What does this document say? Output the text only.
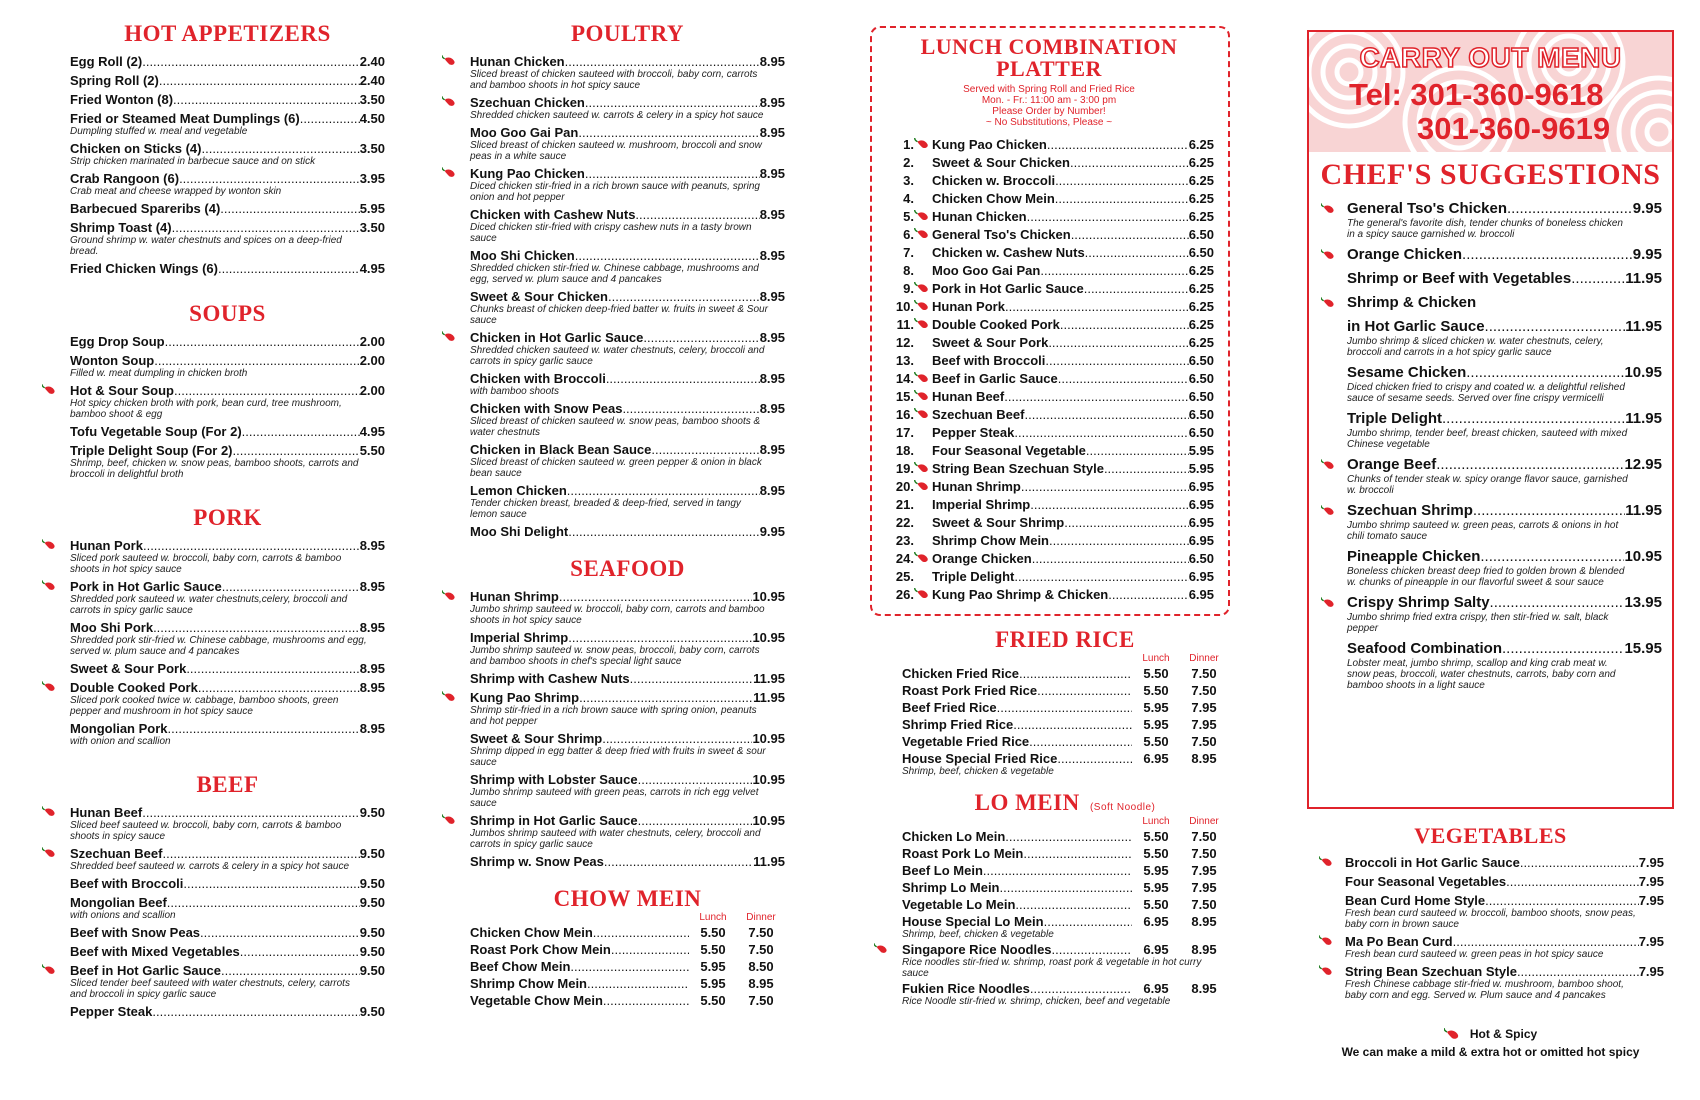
HOT APPETIZERS
Egg Roll (2) .....	2.40
Spring Roll (2) .....	2.40
Fried Wonton (8) .....	3.50
Fried or Steamed Meat Dumplings (6) .....	4.50
Dumpling stuffed w. meal and vegetable
Chicken on Sticks (4) .....	3.50
Strip chicken marinated in barbecue sauce and on stick
Crab Rangoon (6) .....	3.95
Crab meat and cheese wrapped by wonton skin
Barbecued Spareribs (4) .....	5.95
Shrimp Toast (4) .....	3.50
Ground shrimp w. water chestnuts and spices on a deep-fried bread.
Fried Chicken Wings (6) .....	4.95
SOUPS
Egg Drop Soup .....	2.00
Wonton Soup .....	2.00
Filled w. meat dumpling in chicken broth
Hot & Sour Soup .....	2.00
Hot spicy chicken broth with pork, bean curd, tree mushroom, bamboo shoot & egg
Tofu Vegetable Soup (For 2) .....	4.95
Triple Delight Soup (For 2) .....	5.50
Shrimp, beef, chicken w. snow peas, bamboo shoots, carrots and broccoli in delightful broth
PORK
Hunan Pork .....	8.95
Sliced pork sauteed w. broccoli, baby corn, carrots & bamboo shoots in hot spicy sauce
Pork in Hot Garlic Sauce .....	8.95
Shredded pork sauteed w. water chestnuts,celery, broccoli and carrots in spicy garlic sauce
Moo Shi Pork .....	8.95
Shredded pork stir-fried w. Chinese cabbage, mushrooms and egg, served w. plum sauce and 4 pancakes
Sweet & Sour Pork .....	8.95
Double Cooked Pork .....	8.95
Sliced pork cooked twice w. cabbage, bamboo shoots, green pepper and mushroom in hot spicy sauce
Mongolian Pork .....	8.95
with onion and scallion
BEEF
Hunan Beef .....	9.50
Sliced beef sauteed w. broccoli, baby corn, carrots & bamboo shoots in spicy sauce
Szechuan Beef .....	9.50
Shredded beef sauteed w. carrots & celery in a spicy hot sauce
Beef with Broccoli .....	9.50
Mongolian Beef .....	9.50
with onions and scallion
Beef with Snow Peas .....	9.50
Beef with Mixed Vegetables .....	9.50
Beef in Hot Garlic Sauce .....	9.50
Sliced tender beef sauteed with water chestnuts, celery, carrots and broccoli in spicy garlic sauce
Pepper Steak .....	9.50
POULTRY
Hunan Chicken .....	8.95
Sliced breast of chicken sauteed with broccoli, baby corn, carrots and bamboo shoots in hot spicy sauce
Szechuan Chicken .....	8.95
Shredded chicken sauteed w. carrots & celery in a spicy hot sauce
Moo Goo Gai Pan .....	8.95
Sliced breast of chicken sauteed w. mushroom, broccoli and snow peas in a white sauce
Kung Pao Chicken .....	8.95
Diced chicken stir-fried in a rich brown sauce with peanuts, spring onion and hot pepper
Chicken with Cashew Nuts .....	8.95
Diced chicken stir-fried with crispy cashew nuts in a tasty brown sauce
Moo Shi Chicken .....	8.95
Shredded chicken stir-fried w. Chinese cabbage, mushrooms and egg, served w. plum sauce and 4 pancakes
Sweet & Sour Chicken .....	8.95
Chunks breast of chicken deep-fried batter w. fruits in sweet & Sour sauce
Chicken in Hot Garlic Sauce .....	8.95
Shredded chicken sauteed w. water chestnuts, celery, broccoli and carrots in spicy garlic sauce
Chicken with Broccoli .....	8.95
with bamboo shoots
Chicken with Snow Peas .....	8.95
Sliced breast of chicken sauteed w. snow peas, bamboo shoots & water chestnuts
Chicken in Black Bean Sauce .....	8.95
Sliced breast of chicken sauteed w. green pepper & onion in black bean sauce
Lemon Chicken .....	8.95
Tender chicken breast, breaded & deep-fried, served in tangy lemon sauce
Moo Shi Delight .....	9.95
SEAFOOD
Hunan Shrimp .....	10.95
Jumbo shrimp sauteed w. broccoli, baby corn, carrots and bamboo shoots in hot spicy sauce
Imperial Shrimp .....	10.95
Jumbo shrimp sauteed w. snow peas, broccoli, baby corn, carrots and bamboo shoots in chef's special light sauce
Shrimp with Cashew Nuts .....	11.95
Kung Pao Shrimp .....	11.95
Shrimp stir-fried in a rich brown sauce with spring onion, peanuts and hot pepper
Sweet & Sour Shrimp .....	10.95
Shrimp dipped in egg batter & deep fried with fruits in sweet & sour sauce
Shrimp with Lobster Sauce .....	10.95
Jumbo shrimp sauteed with green peas, carrots in rich egg velvet sauce
Shrimp in Hot Garlic Sauce .....	10.95
Jumbos shrimp sauteed with water chestnuts, celery, broccoli and carrots in spicy garlic sauce
Shrimp w. Snow Peas .....	11.95
CHOW MEIN
Lunch	Dinner
Chicken Chow Mein .....	5.50	7.50
Roast Pork Chow Mein .....	5.50	7.50
Beef Chow Mein .....	5.95	8.50
Shrimp Chow Mein .....	5.95	8.95
Vegetable Chow Mein .....	5.50	7.50
LUNCH COMBINATION PLATTER
Served with Spring Roll and Fried Rice
Mon. - Fr.: 11:00 am - 3:00 pm
Please Order by Number!
~ No Substitutions, Please ~
1. Kung Pao Chicken .....	6.25
2. Sweet & Sour Chicken .....	6.25
3. Chicken w. Broccoli .....	6.25
4. Chicken Chow Mein .....	6.25
5. Hunan Chicken .....	6.25
6. General Tso's Chicken .....	6.50
7. Chicken w. Cashew Nuts .....	6.50
8. Moo Goo Gai Pan .....	6.25
9. Pork in Hot Garlic Sauce .....	6.25
10. Hunan Pork .....	6.25
11. Double Cooked Pork .....	6.25
12. Sweet & Sour Pork .....	6.25
13. Beef with Broccoli .....	6.50
14. Beef in Garlic Sauce .....	6.50
15. Hunan Beef .....	6.50
16. Szechuan Beef .....	6.50
17. Pepper Steak .....	6.50
18. Four Seasonal Vegetable .....	5.95
19. String Bean Szechuan Style .....	5.95
20. Hunan Shrimp .....	6.95
21. Imperial Shrimp .....	6.95
22. Sweet & Sour Shrimp .....	6.95
23. Shrimp Chow Mein .....	6.95
24. Orange Chicken .....	6.50
25. Triple Delight .....	6.95
26. Kung Pao Shrimp & Chicken .....	6.95
FRIED RICE
Lunch	Dinner
Chicken Fried Rice .....	5.50	7.50
Roast Pork Fried Rice .....	5.50	7.50
Beef Fried Rice .....	5.95	7.95
Shrimp Fried Rice .....	5.95	7.95
Vegetable Fried Rice .....	5.50	7.50
House Special Fried Rice .....	6.95	8.95
Shrimp, beef, chicken & vegetable
LO MEIN (Soft Noodle)
Lunch	Dinner
Chicken Lo Mein .....	5.50	7.50
Roast Pork Lo Mein .....	5.50	7.50
Beef Lo Mein .....	5.95	7.95
Shrimp Lo Mein .....	5.95	7.95
Vegetable Lo Mein .....	5.50	7.50
House Special Lo Mein .....	6.95	8.95
Shrimp, beef, chicken & vegetable
Singapore Rice Noodles .....	6.95	8.95
Rice noodles stir-fried w. shrimp, roast pork & vegetable in hot curry sauce
Fukien Rice Noodles .....	6.95	8.95
Rice Noodle stir-fried w. shrimp, chicken, beef and vegetable
CARRY OUT MENU
Tel: 301-360-9618
301-360-9619
CHEF'S SUGGESTIONS
General Tso's Chicken .....	9.95
The general's favorite dish, tender chunks of boneless chicken in a spicy sauce garnished w. broccoli
Orange Chicken .....	9.95
Shrimp or Beef with Vegetables .....	11.95
Shrimp & Chicken
in Hot Garlic Sauce .....	11.95
Jumbo shrimp & sliced chicken w. water chestnuts, celery, broccoli and carrots in a hot spicy garlic sauce
Sesame Chicken .....	10.95
Diced chicken fried to crispy and coated w. a delightful relished sauce of sesame seeds. Served over fine crispy vermicelli
Triple Delight .....	11.95
Jumbo shrimp, tender beef, breast chicken, sauteed with mixed Chinese vegetable
Orange Beef .....	12.95
Chunks of tender steak w. spicy orange flavor sauce, garnished w. broccoli
Szechuan Shrimp .....	11.95
Jumbo shrimp sauteed w. green peas, carrots & onions in hot chili tomato sauce
Pineapple Chicken .....	10.95
Boneless chicken breast deep fried to golden brown & blended w. chunks of pineapple in our flavorful sweet & sour sauce
Crispy Shrimp Salty .....	13.95
Jumbo shrimp fried extra crispy, then stir-fried w. salt, black pepper
Seafood Combination .....	15.95
Lobster meat, jumbo shrimp, scallop and king crab meat w. snow peas, broccoli, water chestnuts, carrots, baby corn and bamboo shoots in a light sauce
VEGETABLES
Broccoli in Hot Garlic Sauce .....	7.95
Four Seasonal Vegetables .....	7.95
Bean Curd Home Style .....	7.95
Fresh bean curd sauteed w. broccoli, bamboo shoots, snow peas, baby corn in brown sauce
Ma Po Bean Curd .....	7.95
Fresh bean curd sauteed w. green peas in hot spicy sauce
String Bean Szechuan Style .....	7.95
Fresh Chinese cabbage stir-fried w. mushroom, bamboo shoot, baby corn and egg. Served w. Plum sauce and 4 pancakes
Hot & Spicy
We can make a mild & extra hot or omitted hot spicy
